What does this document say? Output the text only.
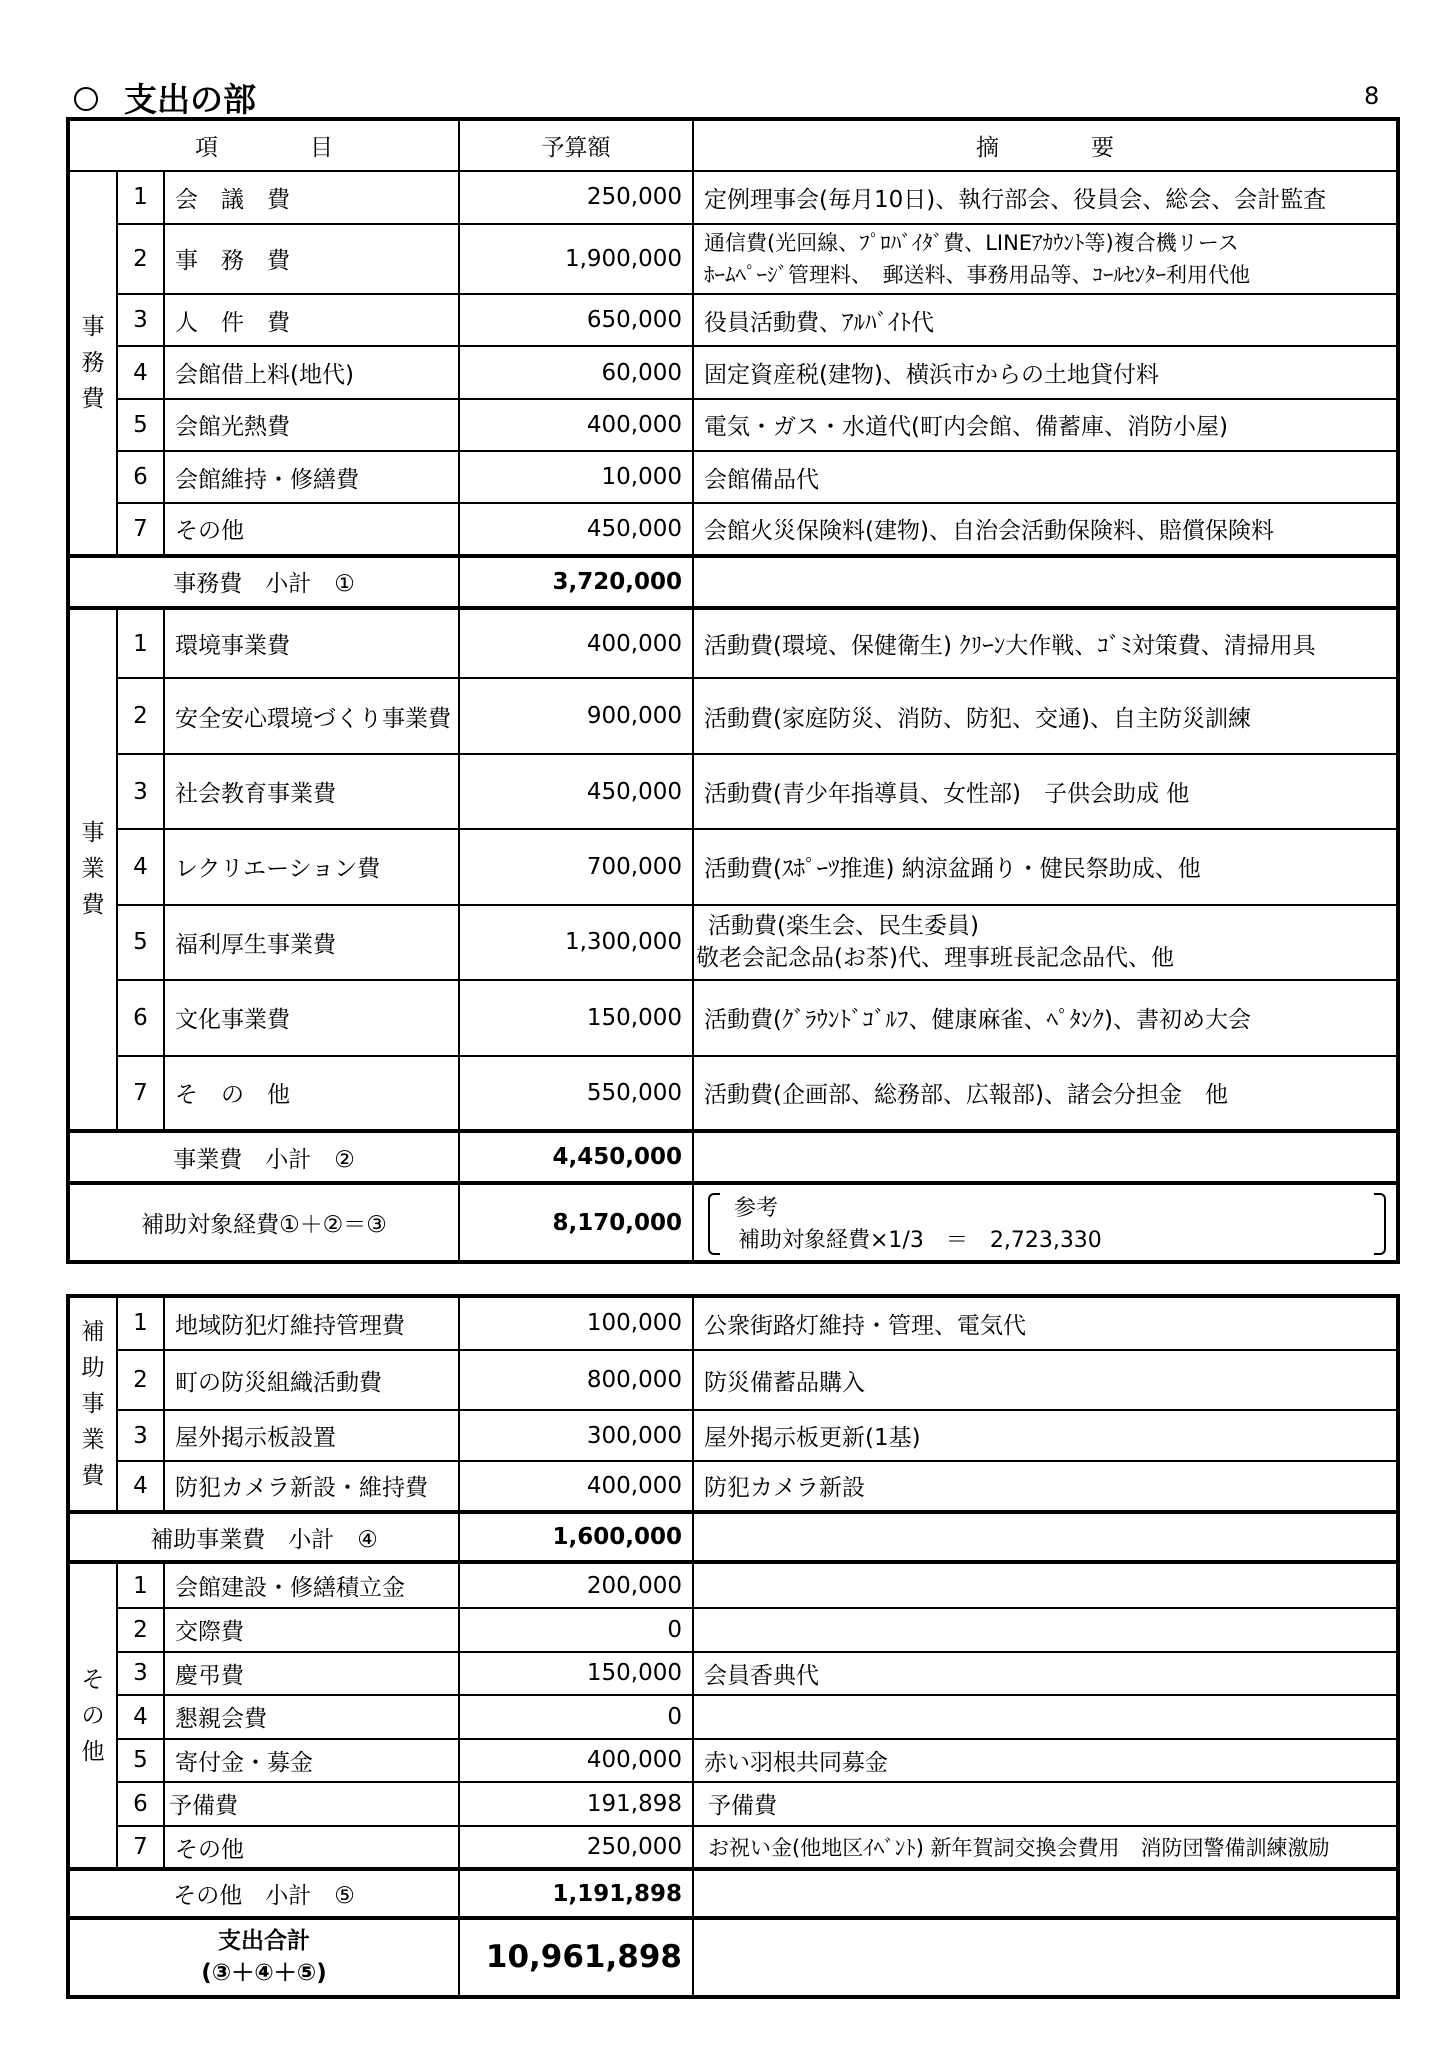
支出の部	8
項　　　　目			予算額	摘　　　　要

事
務
費	1	会　議　費	250,000	定例理事会(毎月10日)、執行部会、役員会、総会、会計監査
	2	事　務　費	1,900,000	通信費(光回線、ﾌﾟﾛﾊﾞｲﾀﾞ費、LINEｱｶｳﾝﾄ等)複合機リース
ﾎｰﾑﾍﾟｰｼﾞ管理料、　郵送料、事務用品等、ｺｰﾙｾﾝﾀｰ利用代他

	3	人　件　費	650,000	役員活動費、ｱﾙﾊﾞｲﾄ代
	4	会館借上料(地代)	60,000	固定資産税(建物)、横浜市からの土地貸付料
	5	会館光熱費	400,000	電気・ガス・水道代(町内会館、備蓄庫、消防小屋)
	6	会館維持・修繕費	10,000	会館備品代
	7	その他	450,000	会館火災保険料(建物)、自治会活動保険料、賠償保険料
事務費　小計　①			3,720,000	

事
業
費	1	環境事業費	400,000	活動費(環境、保健衛生) ｸﾘｰﾝ大作戦、ｺﾞﾐ対策費、清掃用具
	2	安全安心環境づくり事業費	900,000	活動費(家庭防災、消防、防犯、交通)、自主防災訓練
	3	社会教育事業費	450,000	活動費(青少年指導員、女性部)　子供会助成 他
	4	レクリエーション費	700,000	活動費(ｽﾎﾟｰﾂ推進) 納涼盆踊り・健民祭助成、他
	5	福利厚生事業費	1,300,000	活動費(楽生会、民生委員)
敬老会記念品(お茶)代、理事班長記念品代、他

	6	文化事業費	150,000	活動費(ｸﾞﾗｳﾝﾄﾞｺﾞﾙﾌ、健康麻雀、ﾍﾟﾀﾝｸ)、書初め大会
	7	そ　の　他	550,000	活動費(企画部、総務部、広報部)、諸会分担金　他
事業費　小計　②			4,450,000	
補助対象経費①＋②＝③			8,170,000	参考
補助対象経費×1/3　＝　2,723,330
補
助
事
業
費	1	地域防犯灯維持管理費	100,000	公衆街路灯維持・管理、電気代
	2	町の防災組織活動費	800,000	防災備蓄品購入
	3	屋外掲示板設置	300,000	屋外掲示板更新(1基)
	4	防犯カメラ新設・維持費	400,000	防犯カメラ新設
補助事業費　小計　④			1,600,000	

そ
の
他	1	会館建設・修繕積立金	200,000	
	2	交際費	0	
	3	慶弔費	150,000	会員香典代
	4	懇親会費	0	
	5	寄付金・募金	400,000	赤い羽根共同募金
	6	予備費	191,898	予備費
	7	その他	250,000	お祝い金(他地区ｲﾍﾞﾝﾄ) 新年賀詞交換会費用　消防団警備訓練激励
その他　小計　⑤			1,191,898	

支出合計
(③＋④＋⑤)			10,961,898	
